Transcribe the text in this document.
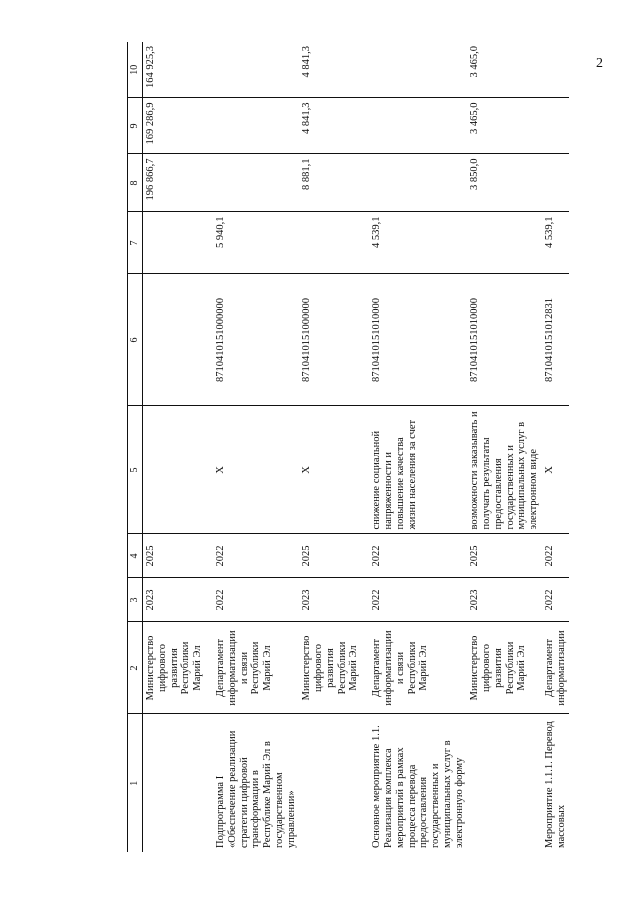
2
1	2	3	4	5	6	7	8	9	10
	Министерство цифрового развития Республики Марий Эл	2023	2025				196 866,7	169 286,9	164 925,3
Подпрограмма I «Обеспечение реализации стратегии цифровой трансформации в Республике Марий Эл в государственном управлении»	Департамент информатизации и связи Республики Марий Эл	2022	2022	X	8710410151000000	5 940,1			
	Министерство цифрового развития Республики Марий Эл	2023	2025	X	8710410151000000		8 881,1	4 841,3	4 841,3
Основное мероприятие 1.1. Реализация комплекса мероприятий в рамках процесса перевода предоставления государственных и муниципальных услуг в электронную форму	Департамент информатизации и связи Республики Марий Эл	2022	2022	снижение социальной напряженности и повышение качества жизни населения за счет	8710410151010000	4 539,1			
	Министерство цифрового развития Республики Марий Эл	2023	2025	возможности заказывать и получать результаты предоставления государственных и муниципальных услуг в электронном виде	8710410151010000		3 850,0	3 465,0	3 465,0
Мероприятие 1.1.1. Перевод массовых	Департамент информатизации	2022	2022	X	8710410151012831	4 539,1			
